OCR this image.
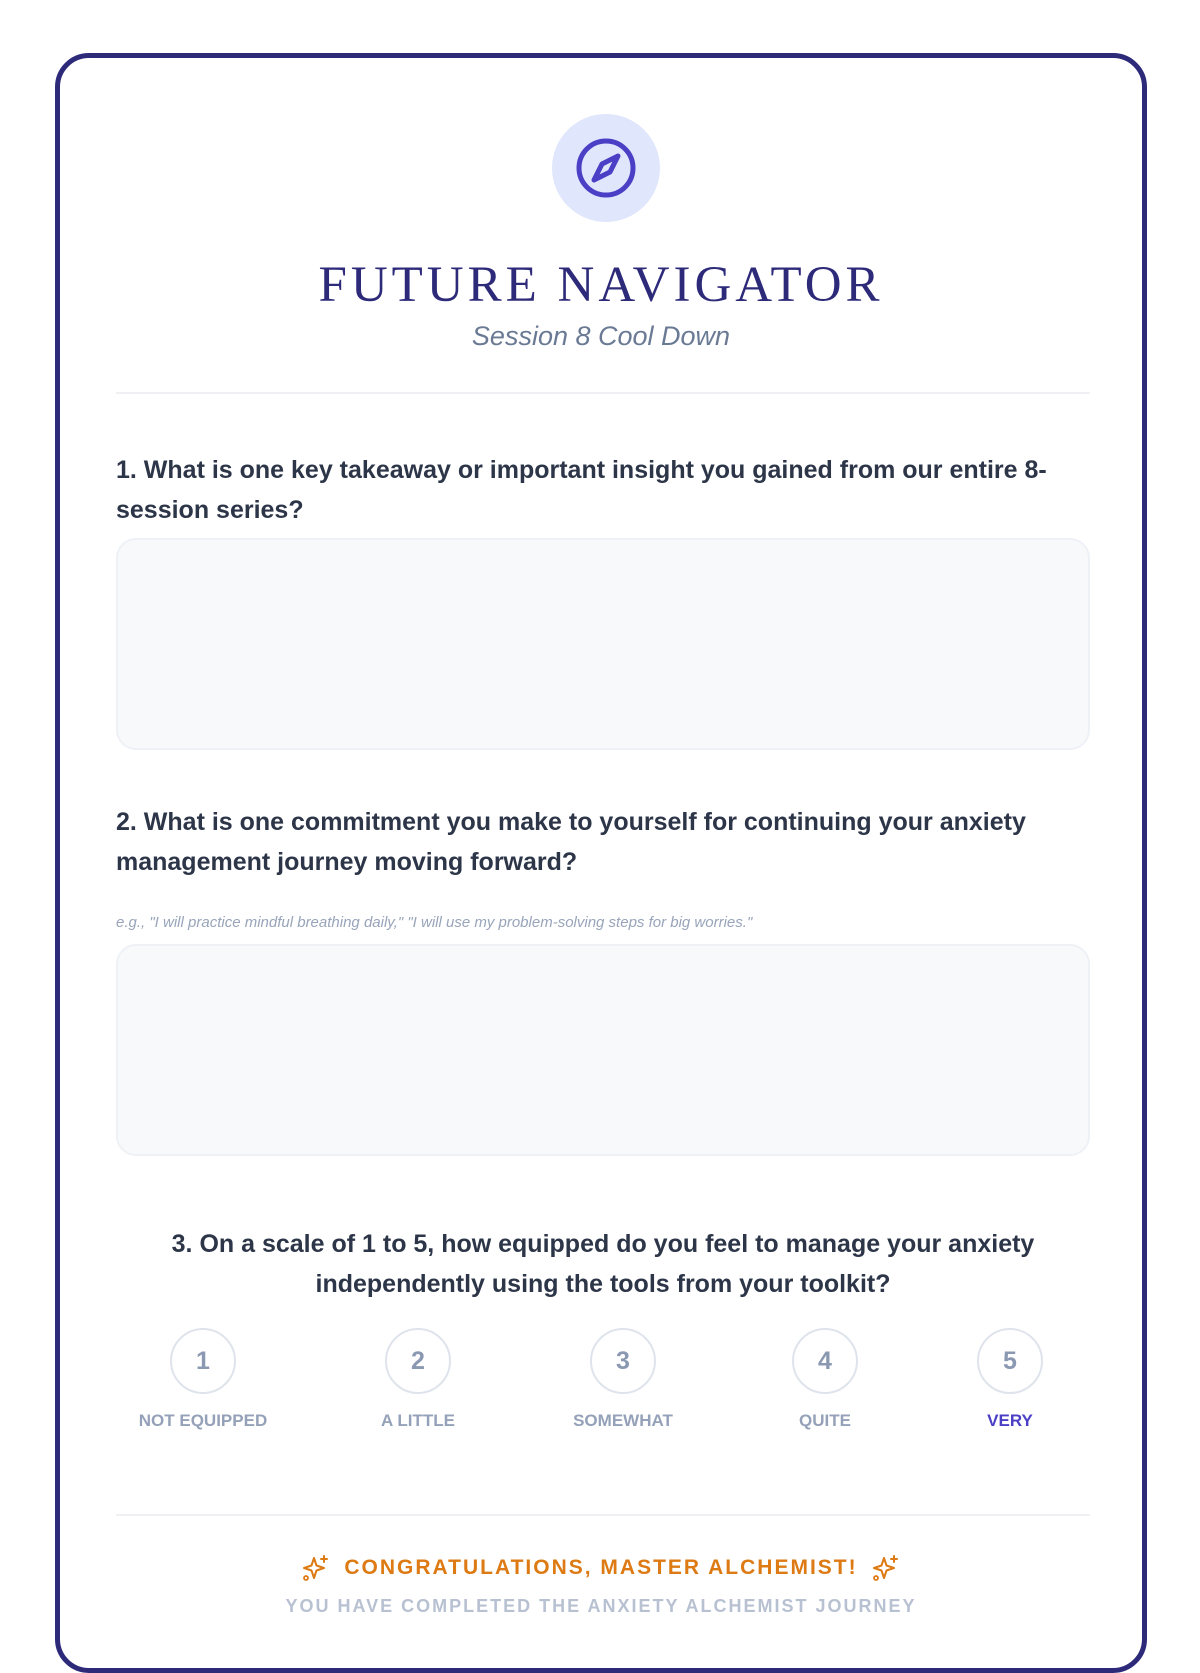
FUTURE NAVIGATOR
Session 8 Cool Down
1. What is one key takeaway or important insight you gained from our entire 8-session series?
2. What is one commitment you make to yourself for continuing your anxiety management journey moving forward?
e.g., "I will practice mindful breathing daily," "I will use my problem-solving steps for big worries."
3. On a scale of 1 to 5, how equipped do you feel to manage your anxiety independently using the tools from your toolkit?
1
NOT EQUIPPED
2
A LITTLE
3
SOMEWHAT
4
QUITE
5
VERY
CONGRATULATIONS, MASTER ALCHEMIST!
YOU HAVE COMPLETED THE ANXIETY ALCHEMIST JOURNEY
